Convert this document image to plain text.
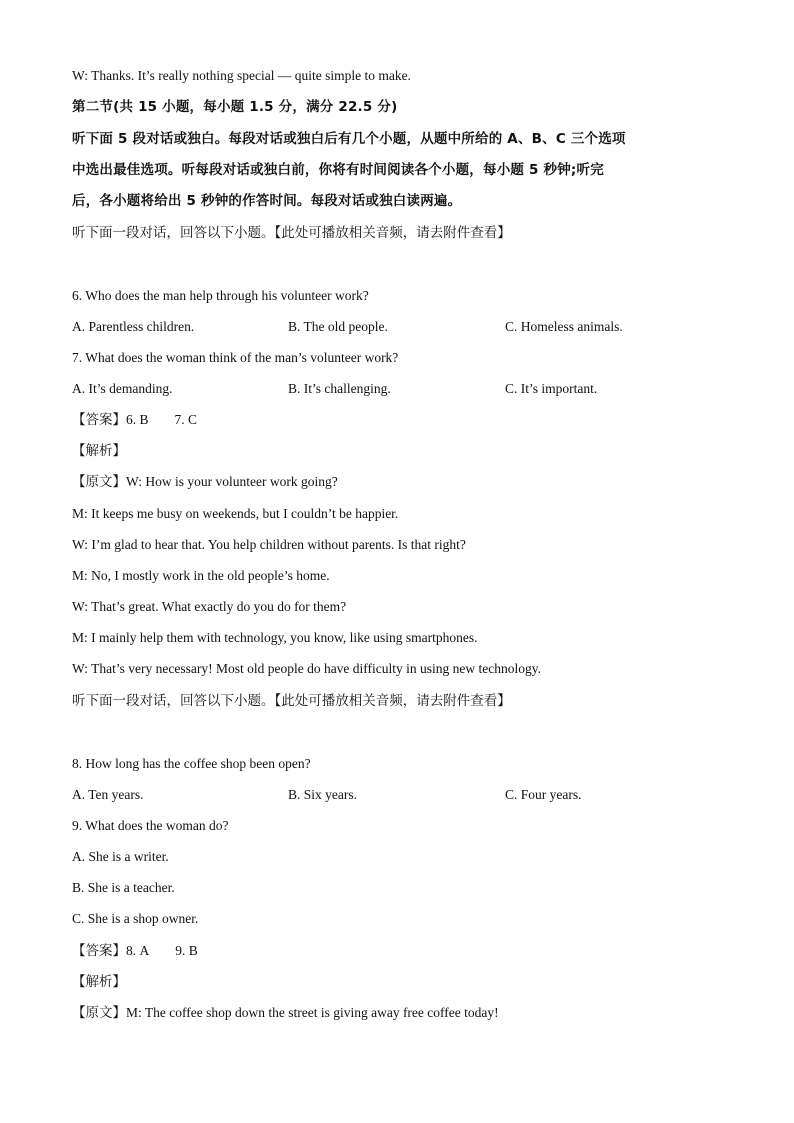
W: Thanks. It’s really nothing special — quite simple to make.
第二节(共 15 小题，每小题 1.5 分，满分 22.5 分)
听下面 5 段对话或独白。每段对话或独白后有几个小题，从题中所给的 A、B、C 三个选项
中选出最佳选项。听每段对话或独白前，你将有时间阅读各个小题，每小题 5 秒钟;听完
后，各小题将给出 5 秒钟的作答时间。每段对话或独白读两遍。
听下面一段对话，回答以下小题。【此处可播放相关音频，请去附件查看】
6. Who does the man help through his volunteer work?
A. Parentless children.	B. The old people.	C. Homeless animals.
7. What does the woman think of the man’s volunteer work?
A. It’s demanding.	B. It’s challenging.	C. It’s important.
【答案】6. B 7. C
【解析】
【原文】W: How is your volunteer work going?
M: It keeps me busy on weekends, but I couldn’t be happier.
W: I’m glad to hear that. You help children without parents. Is that right?
M: No, I mostly work in the old people’s home.
W: That’s great. What exactly do you do for them?
M: I mainly help them with technology, you know, like using smartphones.
W: That’s very necessary! Most old people do have difficulty in using new technology.
听下面一段对话，回答以下小题。【此处可播放相关音频，请去附件查看】
8. How long has the coffee shop been open?
A. Ten years.	B. Six years.	C. Four years.
9. What does the woman do?
A. She is a writer.
B. She is a teacher.
C. She is a shop owner.
【答案】8. A 9. B
【解析】
【原文】M: The coffee shop down the street is giving away free coffee today!
